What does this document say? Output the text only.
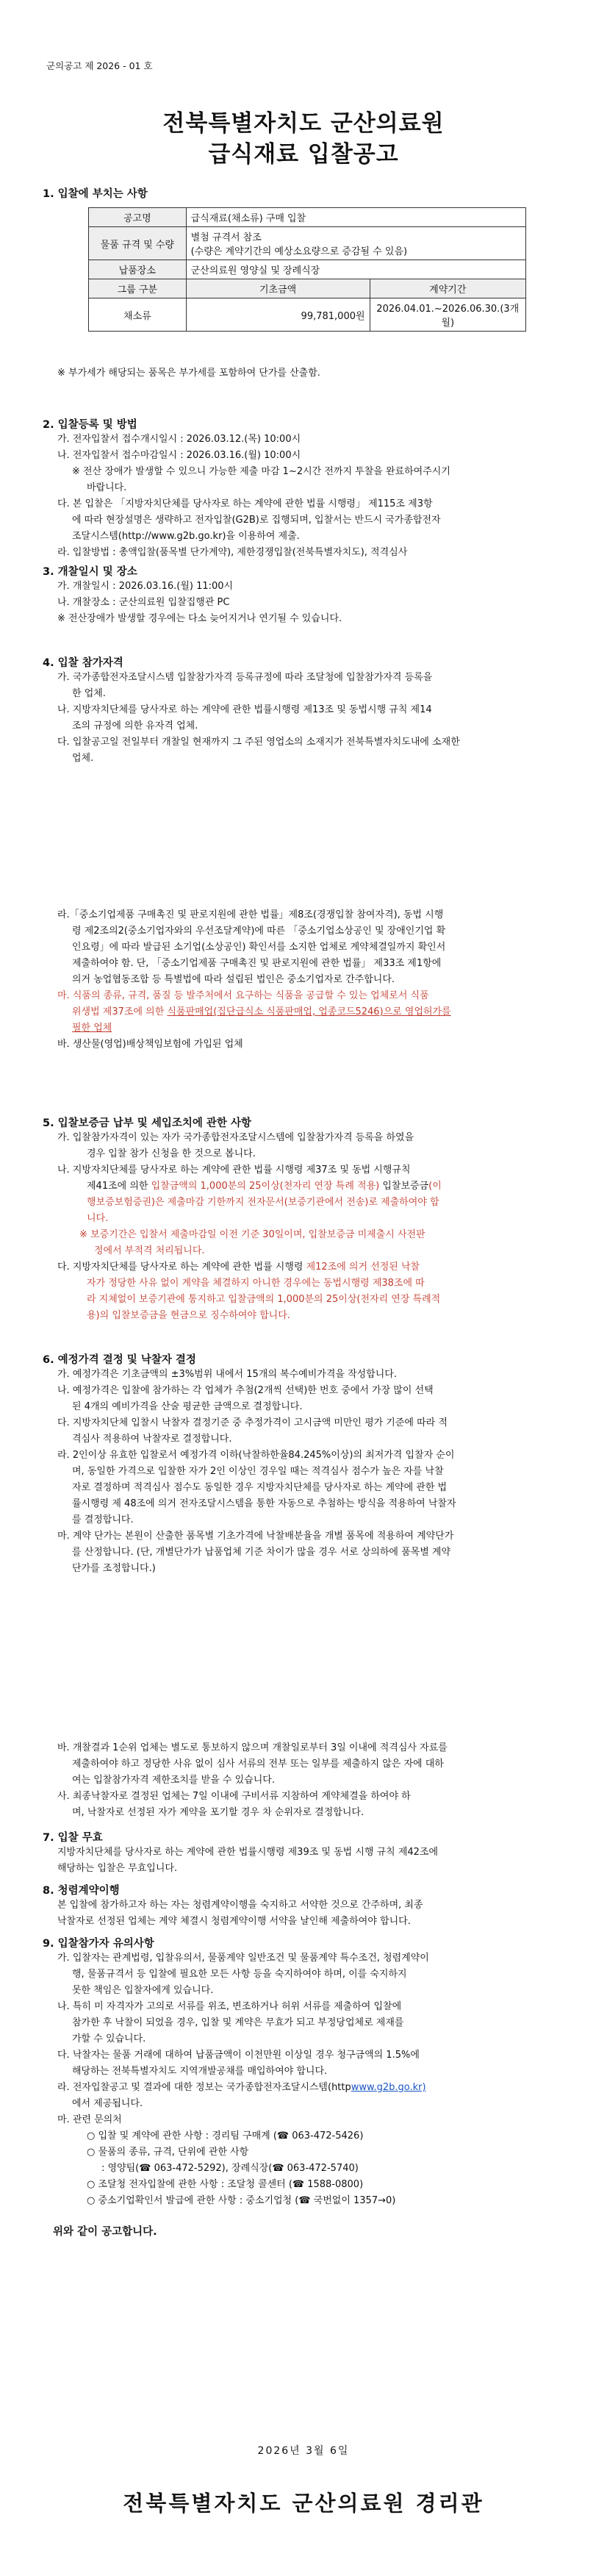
군의공고 제 2026 - 01 호
전북특별자치도 군산의료원
급식재료 입찰공고
1. 입찰에 부치는 사항
공고명	급식재료(채소류) 구매 입찰	
물품 규격 및 수량	별첨 규격서 참조
(수량은 계약기간의 예상소요량으로 증감될 수 있음)	

납품장소	군산의료원 영양실 및 장례식장	
그룹 구분	기초금액	계약기간
채소류	99,781,000원	2026.04.01.~2026.06.30.(3개월)
※ 부가세가 해당되는 품목은 부가세를 포함하여 단가를 산출함.
2. 입찰등록 및 방법
가. 전자입찰서 접수개시일시 : 2026.03.12.(목) 10:00시
나. 전자입찰서 접수마감일시 : 2026.03.16.(월) 10:00시
※ 전산 장애가 발생할 수 있으니 가능한 제출 마감 1~2시간 전까지 투찰을 완료하여주시기
바랍니다.
다. 본 입찰은 「지방자치단체를 당사자로 하는 계약에 관한 법률 시행령」 제115조 제3항
에 따라 현장설명은 생략하고 전자입찰(G2B)로 집행되며, 입찰서는 반드시 국가종합전자
조달시스템(http://www.g2b.go.kr)을 이용하여 제출.
라. 입찰방법 : 총액입찰(품목별 단가계약), 제한경쟁입찰(전북특별자치도), 적격심사
3. 개찰일시 및 장소
가. 개찰일시 : 2026.03.16.(월) 11:00시
나. 개찰장소 : 군산의료원 입찰집행관 PC
※ 전산장애가 발생할 경우에는 다소 늦어지거나 연기될 수 있습니다.
4. 입찰 참가자격
가. 국가종합전자조달시스템 입찰참가자격 등록규정에 따라 조달청에 입찰참가자격 등록을
한 업체.
나. 지방자치단체를 당사자로 하는 계약에 관한 법률시행령 제13조 및 동법시행 규칙 제14
조의 규정에 의한 유자격 업체.
다. 입찰공고일 전일부터 개찰일 현재까지 그 주된 영업소의 소재지가 전북특별자치도내에 소재한
업체.
라.「중소기업제품 구매촉진 및 판로지원에 관한 법률」제8조(경쟁입찰 참여자격), 동법 시행
령 제2조의2(중소기업자와의 우선조달계약)에 따른 「중소기업소상공인 및 장애인기업 확
인요령」에 따라 발급된 소기업(소상공인) 확인서를 소지한 업체로 계약체결일까지 확인서
제출하여야 함. 단, 「중소기업제품 구매촉진 및 판로지원에 관한 법률」 제33조 제1항에
의거 농업협동조합 등 특별법에 따라 설립된 법인은 중소기업자로 간주합니다.
마. 식품의 종류, 규격, 품질 등 발주처에서 요구하는 식품을 공급할 수 있는 업체로서 식품
위생법 제37조에 의한 식품판매업(집단급식소 식품판매업, 업종코드5246)으로 영업허가를
필한 업체
바. 생산물(영업)배상책임보험에 가입된 업체
5. 입찰보증금 납부 및 세입조치에 관한 사항
가. 입찰참가자격이 있는 자가 국가종합전자조달시스템에 입찰참가자격 등록을 하였을
경우 입찰 참가 신청을 한 것으로 봅니다.
나. 지방자치단체를 당사자로 하는 계약에 관한 법률 시행령 제37조 및 동법 시행규칙
제41조에 의한 입찰금액의 1,000분의 25이상(천자리 연장 특례 적용) 입찰보증금(이
행보증보험증권)은 제출마감 기한까지 전자문서(보증기관에서 전송)로 제출하여야 합
니다.
※ 보증기간은 입찰서 제출마감일 이전 기준 30일이며, 입찰보증금 미제출시 사전판
정에서 부적격 처리됩니다.
다. 지방자치단체를 당사자로 하는 계약에 관한 법률 시행령 제12조에 의거 선정된 낙찰
자가 정당한 사유 없이 계약을 체결하지 아니한 경우에는 동법시행령 제38조에 따
라 지체없이 보증기관에 통지하고 입찰금액의 1,000분의 25이상(천자리 연장 특례적
용)의 입찰보증금을 현금으로 징수하여야 합니다.
6. 예정가격 결정 및 낙찰자 결정
가. 예정가격은 기초금액의 ±3%범위 내에서 15개의 복수예비가격을 작성합니다.
나. 예정가격은 입찰에 참가하는 각 업체가 추첨(2개씩 선택)한 번호 중에서 가장 많이 선택
된 4개의 예비가격을 산술 평균한 금액으로 결정합니다.
다. 지방자치단체 입찰시 낙찰자 결정기준 중 추정가격이 고시금액 미만인 평가 기준에 따라 적
격심사 적용하여 낙찰자로 결정합니다.
라. 2인이상 유효한 입찰로서 예정가격 이하(낙찰하한율84.245%이상)의 최저가격 입찰자 순이
며, 동일한 가격으로 입찰한 자가 2인 이상인 경우일 때는 적격심사 점수가 높은 자를 낙찰
자로 결정하며 적격심사 점수도 동일한 경우 지방자치단체를 당사자로 하는 계약에 관한 법
률시행령 제 48조에 의거 전자조달시스템을 통한 자동으로 추첨하는 방식을 적용하여 낙찰자
를 결정합니다.
마. 계약 단가는 본원이 산출한 품목별 기초가격에 낙찰배분율을 개별 품목에 적용하여 계약단가
를 산정합니다. (단, 개별단가가 납품업체 기준 차이가 많을 경우 서로 상의하에 품목별 계약
단가를 조정합니다.)
바. 개찰결과 1순위 업체는 별도로 통보하지 않으며 개찰일로부터 3일 이내에 적격심사 자료를
제출하여야 하고 정당한 사유 없이 심사 서류의 전부 또는 일부를 제출하지 않은 자에 대하
여는 입찰참가자격 제한조치를 받을 수 있습니다.
사. 최종낙찰자로 결정된 업체는 7일 이내에 구비서류 지참하여 계약체결을 하여야 하
며, 낙찰자로 선정된 자가 계약을 포기할 경우 차 순위자로 결정합니다.
7. 입찰 무효
지방자치단체를 당사자로 하는 계약에 관한 법률시행령 제39조 및 동법 시행 규칙 제42조에
해당하는 입찰은 무효입니다.
8. 청렴계약이행
본 입찰에 참가하고자 하는 자는 청렴계약이행을 숙지하고 서약한 것으로 간주하며, 최종
낙찰자로 선정된 업체는 계약 체결시 청렴계약이행 서약을 날인해 제출하여야 합니다.
9. 입찰참가자 유의사항
가. 입찰자는 관계법령, 입찰유의서, 물품계약 일반조건 및 물품계약 특수조건, 청렴계약이
행, 물품규격서 등 입찰에 필요한 모든 사항 등을 숙지하여야 하며, 이를 숙지하지
못한 책임은 입찰자에게 있습니다.
나. 특히 미 자격자가 고의로 서류를 위조, 변조하거나 허위 서류를 제출하여 입찰에
참가한 후 낙찰이 되었을 경우, 입찰 및 계약은 무효가 되고 부정당업체로 제재를
가할 수 있습니다.
다. 낙찰자는 물품 거래에 대하여 납품금액이 이천만원 이상일 경우 청구금액의 1.5%에
해당하는 전북특별자치도 지역개발공채를 매입하여야 합니다.
라. 전자입찰공고 및 결과에 대한 정보는 국가종합전자조달시스템(httpwww.g2b.go.kr)
에서 제공됩니다.
마. 관련 문의처
○ 입찰 및 계약에 관한 사항 : 경리팀 구매계 (☎ 063-472-5426)
○ 물품의 종류, 규격, 단위에 관한 사항
: 영양팀(☎ 063-472-5292), 장례식장(☎ 063-472-5740)
○ 조달청 전자입찰에 관한 사항 : 조달청 콜센터 (☎ 1588-0800)
○ 중소기업확인서 발급에 관한 사항 : 중소기업청 (☎ 국번없이 1357→0)
위와 같이 공고합니다.
2026년 3월 6일
전북특별자치도 군산의료원 경리관
